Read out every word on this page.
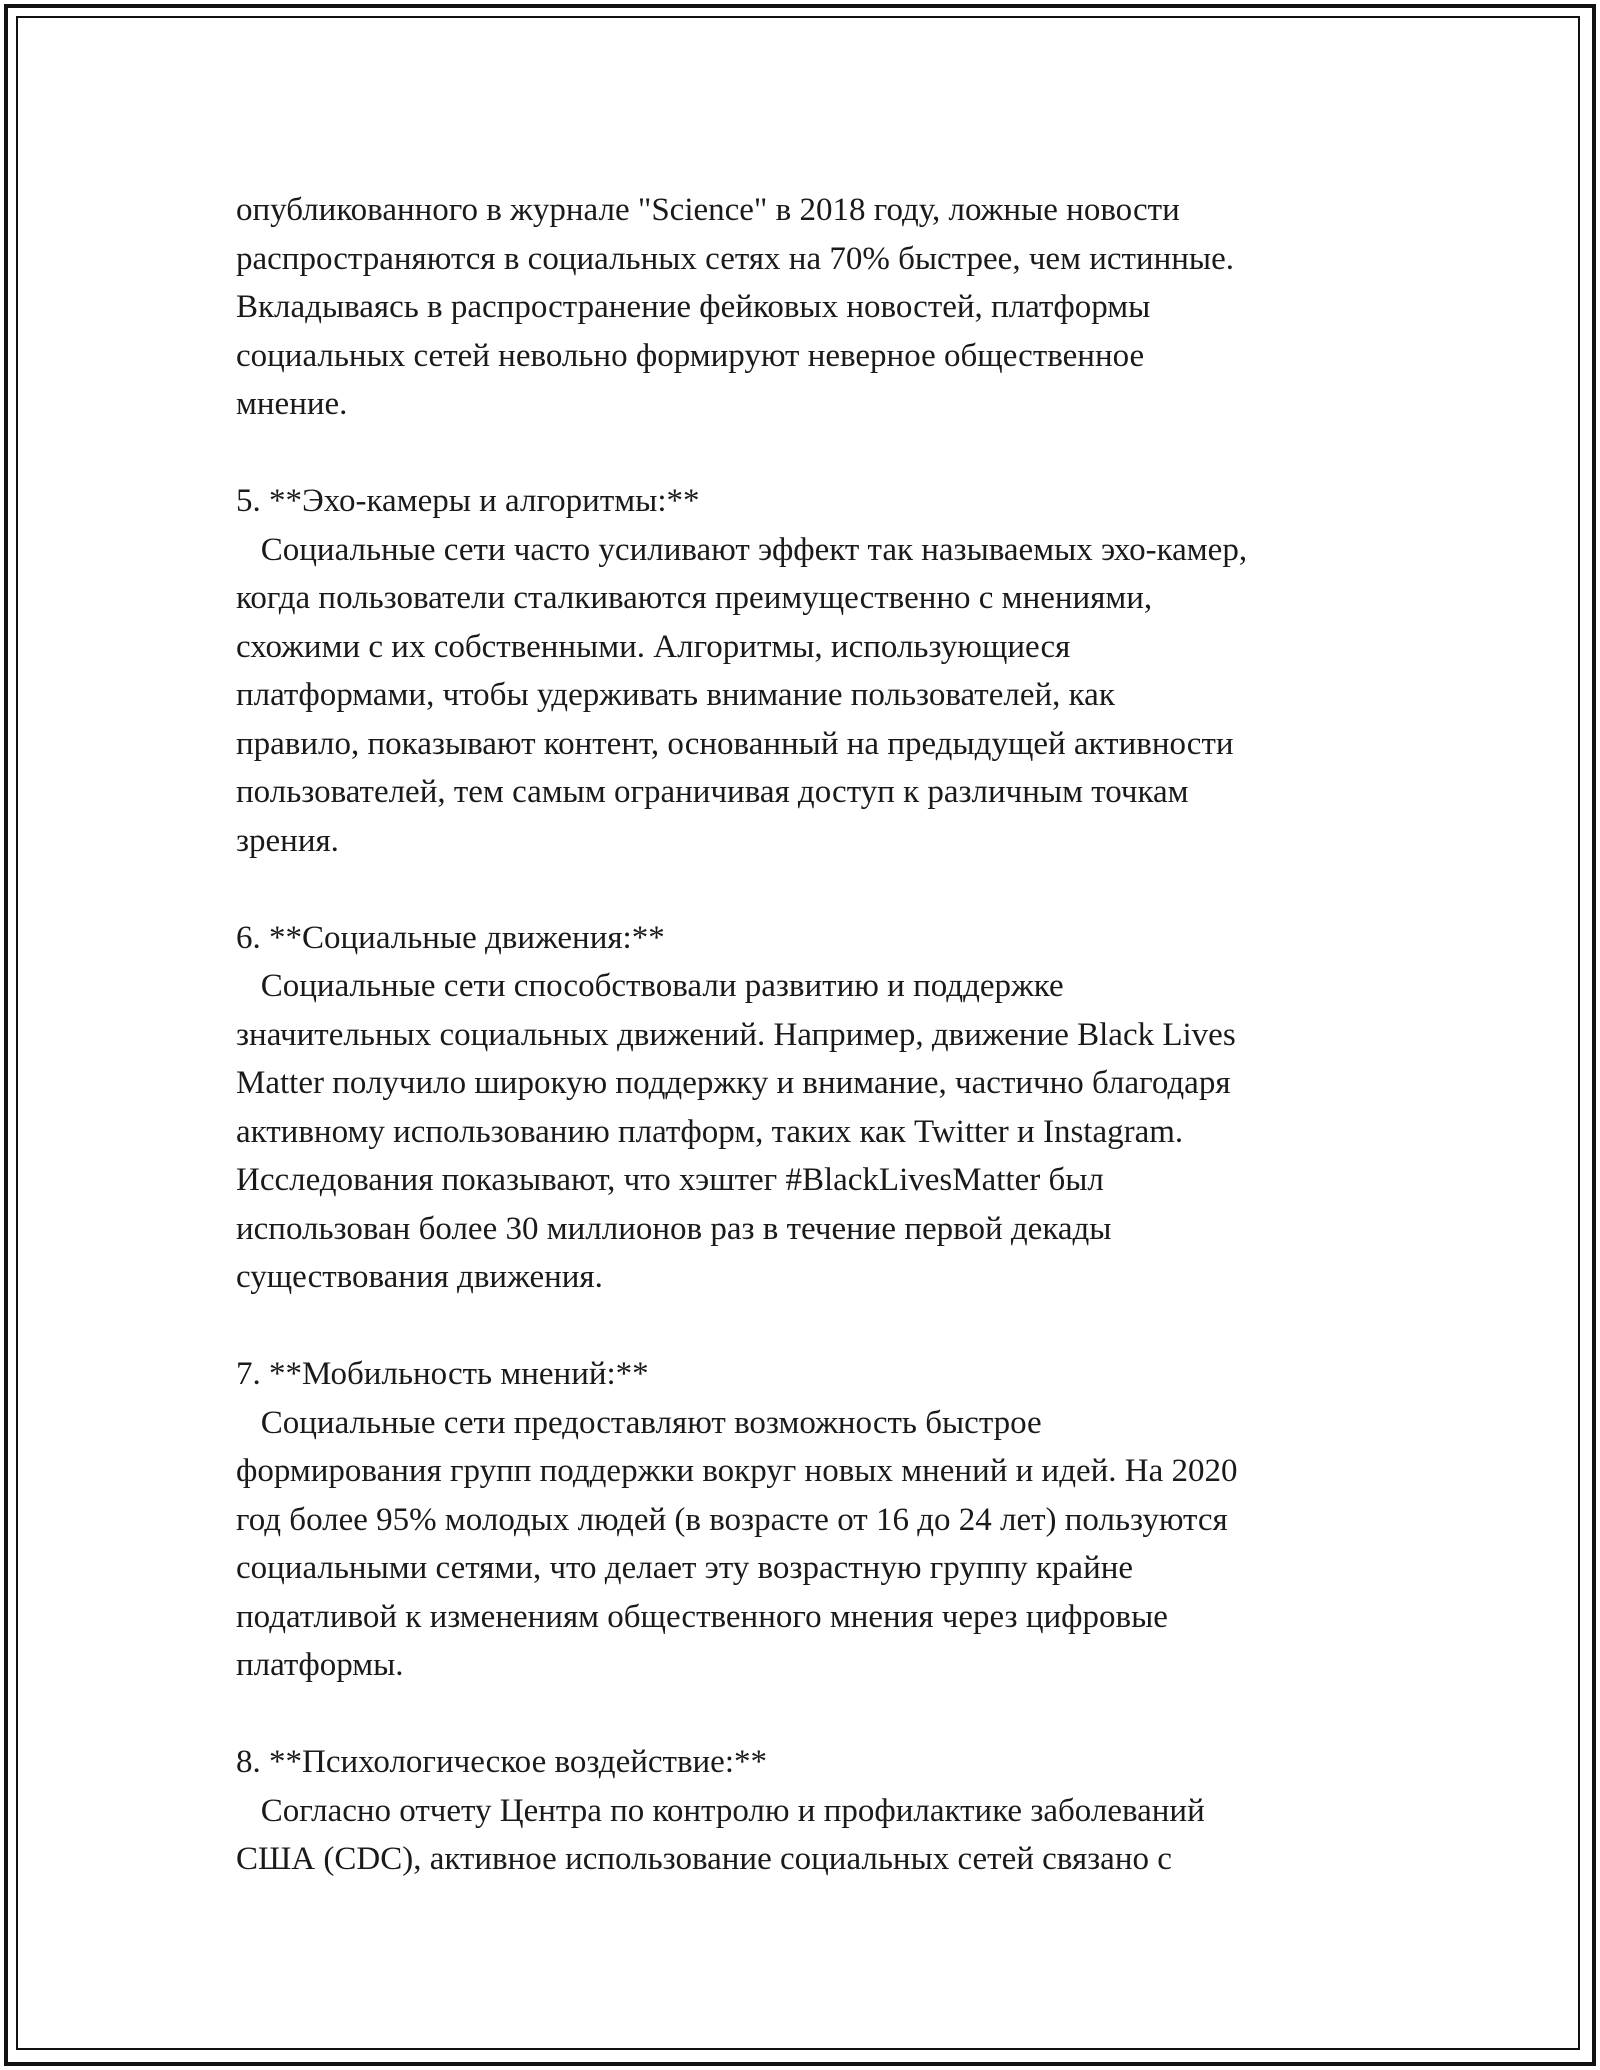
опубликованного в журнале "Science" в 2018 году, ложные новости
распространяются в социальных сетях на 70% быстрее, чем истинные.
Вкладываясь в распространение фейковых новостей, платформы
социальных сетей невольно формируют неверное общественное
мнение.
5. **Эхо-камеры и алгоритмы:**
Социальные сети часто усиливают эффект так называемых эхо-камер,
когда пользователи сталкиваются преимущественно с мнениями,
схожими с их собственными. Алгоритмы, использующиеся
платформами, чтобы удерживать внимание пользователей, как
правило, показывают контент, основанный на предыдущей активности
пользователей, тем самым ограничивая доступ к различным точкам
зрения.
6. **Социальные движения:**
Социальные сети способствовали развитию и поддержке
значительных социальных движений. Например, движение Black Lives
Matter получило широкую поддержку и внимание, частично благодаря
активному использованию платформ, таких как Twitter и Instagram.
Исследования показывают, что хэштег #BlackLivesMatter был
использован более 30 миллионов раз в течение первой декады
существования движения.
7. **Мобильность мнений:**
Социальные сети предоставляют возможность быстрое
формирования групп поддержки вокруг новых мнений и идей. На 2020
год более 95% молодых людей (в возрасте от 16 до 24 лет) пользуются
социальными сетями, что делает эту возрастную группу крайне
податливой к изменениям общественного мнения через цифровые
платформы.
8. **Психологическое воздействие:**
Согласно отчету Центра по контролю и профилактике заболеваний
США (CDC), активное использование социальных сетей связано с
